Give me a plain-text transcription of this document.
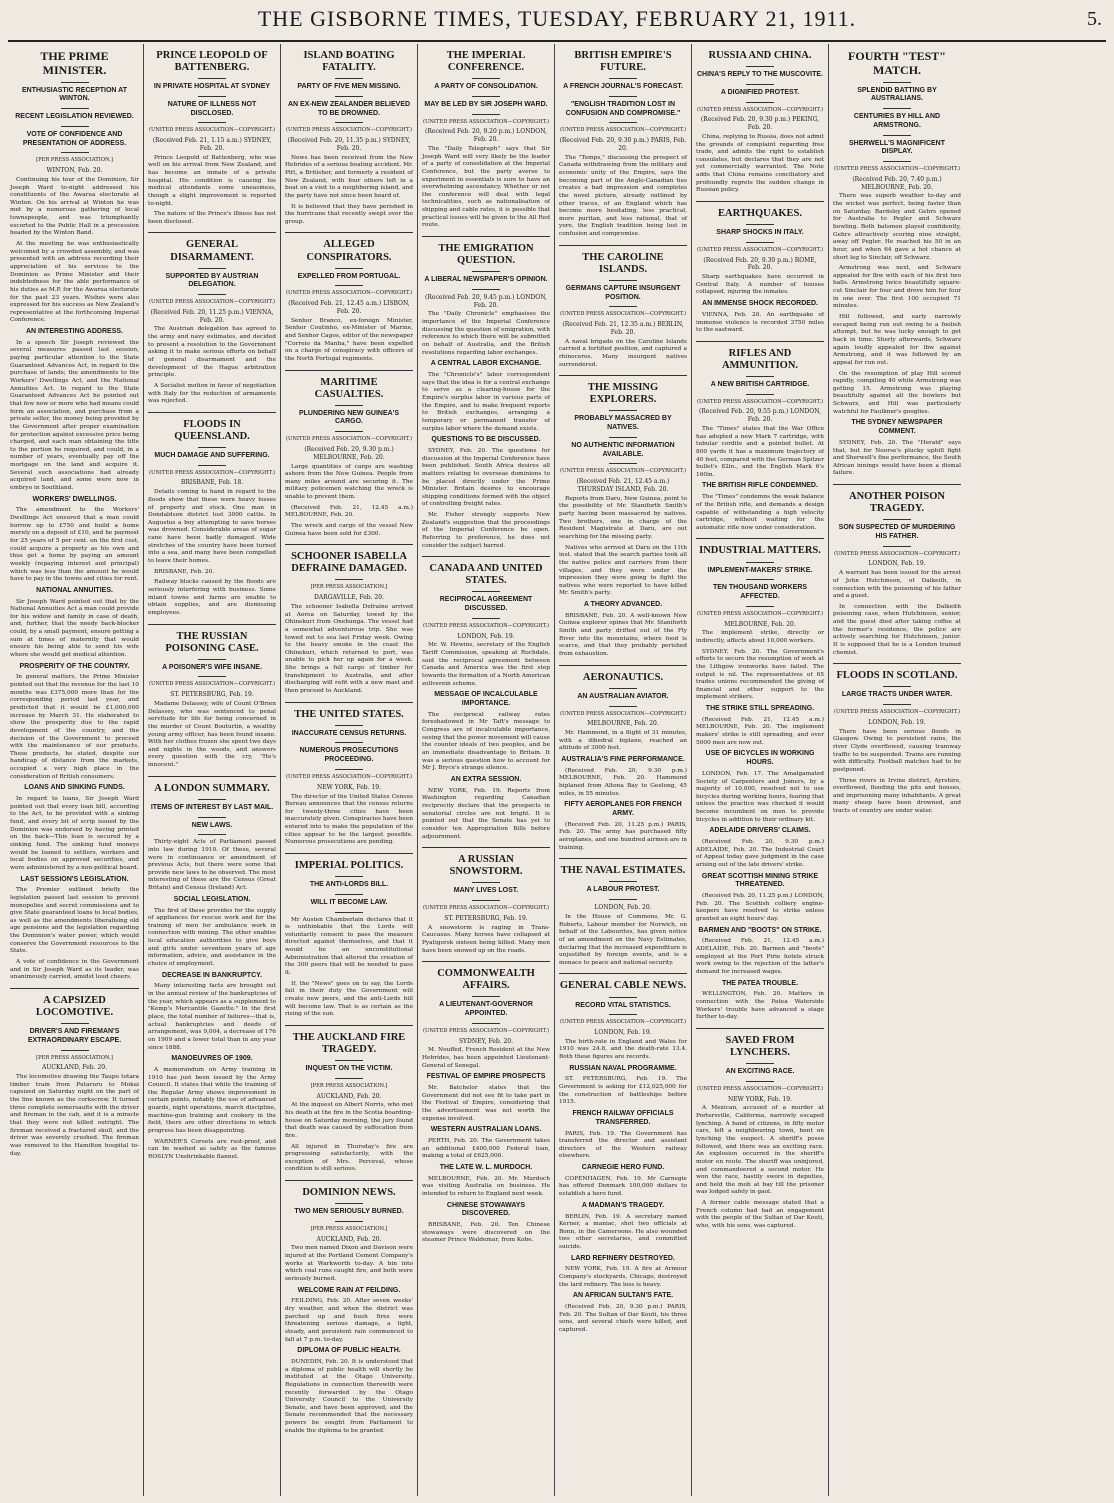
THE GISBORNE TIMES, TUESDAY, FEBRUARY 21, 1911.	5.
THE PRIME MINISTER.
ENTHUSIASTIC RECEPTION AT WINTON.
RECENT LEGISLATION REVIEWED.
VOTE OF CONFIDENCE AND PRESENTATION OF ADDRESS.
[PER PRESS ASSOCIATION.]
WINTON, Feb. 20.

Continuing his tour of the Dominion, Sir Joseph Ward to-night addressed his constituents of the Awarua electorate at Winton. On his arrival at Winton he was met by a numerous gathering of local townspeople, and was triumphantly escorted to the Public Hall in a procession headed by the Winton Band.

At the meeting he was enthusiastically welcomed by a crowded assembly, and was presented with an address recording their appreciation of his services to the Dominion as Prime Minister and their indebtedness for the able performance of his duties as M.P. for the Awarua electorate for the past 23 years. Wishes were also expressed for his success as New Zealand's representative at the forthcoming Imperial Conference.

AN INTERESTING ADDRESS.

In a speech Sir Joseph reviewed the several measures passed last session, paying particular attention to the State Guaranteed Advances Act, in regard to the purchase of lands; the amendments to the Workers' Dwellings Act, and the National Annuities Act. In regard to the State Guaranteed Advances Act he pointed out that few now or more who had means could form an association, and purchase from a private seller, the money being provided by the Government after proper examination for protection against excessive price being charged, and each man obtaining the title to the portion he required, and could, in a number of years, eventually pay off the mortgage on the land and acquire it. Several such associations had already acquired land, and some were now in embryo in Southland.

WORKERS' DWELLINGS.

The amendment to the Workers' Dwellings Act ensured that a man could borrow up to £750 and build a home merely on a deposit of £10, and he paymost for 25 years of 5 per cent. on the first cost, could acquire a property as his own and thus get a home by paying an amount weekly (repaying interest and principal) which was less than the amount he would have to pay in the towns and cities for rent.

NATIONAL ANNUITIES.

Sir Joseph Ward pointed out that by the National Annuities Act a man could provide for his widow and family in case of death, and, further, that the needy back-blocker could, by a small payment, ensure getting a sum at times of maternity that would ensure his being able to send his wife where she would get medical attention.

PROSPERITY OF THE COUNTRY.

In general matters, the Prime Minister pointed out that the revenue for the last 10 months was £375,000 more than for the corresponding period last year, and predicted that it would be £1,000,000 increase by March 31. He elaborated to show the prosperity due to the rapid development of the country, and the decision of the Government to proceed with the maintenance of our products. These products, he stated, despite our handicap of distance from the markets, occupied a very high place in the consideration of British consumers.

LOANS AND SINKING FUNDS.

In regard to loans, Sir Joseph Ward pointed out that every loan bill, according to the Act, to be provided with a sinking fund, and every bit of scrip issued by the Dominion was endorsed by having printed on the back—This loan is secured by a sinking fund. The sinking fund moneys would be loaned to settlers, workers and local bodies on approved securities, and were administered by a non-political board.

LAST SESSION'S LEGISLATION.

The Premier outlined briefly the legislation passed last session to prevent monopolies and secret commissions and to give State guaranteed loans to local bodies, as well as the amendments liberalising old age pensions and the legislation regarding the Dominion's water power, which would conserve the Government resources to the State.

A vote of confidence in the Government and in Sir Joseph Ward as its leader, was unanimously carried, amidst loud cheers.

A CAPSIZED LOCOMOTIVE.
DRIVER'S AND FIREMAN'S EXTRAORDINARY ESCAPE.
[PER PRESS ASSOCIATION.]
AUCKLAND, Feb. 20.

The locomotive drawing the Taupo totara timber train from Putaruru to Mokai capsized on Saturday night on the part of the line known as the corkscrew. It turned three complete somersaults with the driver and fireman in the cab, and it is a miracle that they were not killed outright. The fireman received a fractured skull, and the driver was severely crushed. The fireman was removed to the Hamilton hospital to-day.

PRINCE LEOPOLD OF BATTENBERG.
IN PRIVATE HOSPITAL AT SYDNEY
NATURE OF ILLNESS NOT DISCLOSED.
(UNITED PRESS ASSOCIATION—COPYRIGHT.)
(Received Feb. 21, 1.15 a.m.) SYDNEY, Feb. 20.

Prince Leopold of Battenberg, who was well on his arrival from New Zealand, and has become an inmate of a private hospital. His condition is causing his medical attendants some uneasiness, though a slight improvement is reported to-night.

The nature of the Prince's illness has not been disclosed.

GENERAL DISARMAMENT.
SUPPORTED BY AUSTRIAN DELEGATION.
(UNITED PRESS ASSOCIATION—COPYRIGHT.)
(Received Feb. 20, 11.25 p.m.) VIENNA, Feb. 20.

The Austrian delegation has agreed to the army and navy estimates, and decided to present a resolution to the Government asking it to make serious efforts on behalf of general disarmament and the development of the Hague arbitration principle.

A Socialist motion in favor of negotiation with Italy for the reduction of armaments was rejected.

FLOODS IN QUEENSLAND.
MUCH DAMAGE AND SUFFERING.
(UNITED PRESS ASSOCIATION—COPYRIGHT.)
BRISBANE, Feb. 18.

Details coming to hand in regard to the floods show that these were heavy losses of property and stock. One man in Dondaldson district lost 3000 cattle. In Augustus a boy attempting to save horses was drowned. Considerable areas of sugar cane have been badly damaged. Wide stretches of the country have been turned into a sea, and many have been compelled to leave their homes.

BRISBANE, Feb. 20.

Railway blocks caused by the floods are seriously interfering with business. Some inland towns and farms are unable to obtain supplies, and are dismissing employees.

THE RUSSIAN POISONING CASE.
A POISONER'S WIFE INSANE.
(UNITED PRESS ASSOCIATION—COPYRIGHT.)
ST. PETERSBURG, Feb. 19.

Madame Delassey, wife of Count O'Brien Delassey, who was sentenced to penal servitude for life for being concerned in the murder of Count Bouturlin, a wealthy young army officer, has been found insane. With her clothes frozen she spent two days and nights in the woods, and answers every question with the cry, "He's innocent."

A LONDON SUMMARY.
ITEMS OF INTEREST BY LAST MAIL.
NEW LAWS.

Thirty-eight Acts of Parliament passed into law during 1910. Of these, several were in continuance or amendment of previous Acts, but there were some that provide new laws to be observed. The most interesting of these are the Census (Great Britain) and Census (Ireland) Act.

SOCIAL LEGISLATION.

The first of these provides for the supply of appliances for rescue work and for the training of men for ambulance work in connection with mining. The other enables local education authorities to give boys and girls under seventeen years of age information, advice, and assistance in the choice of employment.

DECREASE IN BANKRUPTCY.

Many interesting facts are brought out in the annual review of the bankruptcies of the year, which appears as a supplement to "Kemp's Mercantile Gazette." In the first place, the total number of failures—that is, actual bankruptcies and deeds of arrangement, was 9,004, a decrease of 176 on 1909 and a lower total than in any year since 1888.

MANOEUVRES OF 1909.

A memorandum on Army training in 1910 has just been issued by the Army Council. It states that while the training of the Regular Army shows improvement in certain points, notably the use of advanced guards, night operations, march discipline, machine-gun training and cookery in the field, there are other directions in which progress has been disappointing.

WARNER'S Corsets are rust-proof, and can be washed as safely as the famous ROSLYN Unshrinkable flannel.

ISLAND BOATING FATALITY.
PARTY OF FIVE MEN MISSING.
AN EX-NEW ZEALANDER BELIEVED TO BE DROWNED.
(UNITED PRESS ASSOCIATION—COPYRIGHT.)
(Received Feb. 20, 11.35 p.m.) SYDNEY, Feb. 20.

News has been received from the New Hebrides of a serious boating accident. Mr. Pitt, a Britisher, and formerly a resident of New Zealand, with four others left in a boat on a visit to a neighboring island, and the party have not since been heard of.

It is believed that they have perished in the hurricane that recently swept over the group.

ALLEGED CONSPIRATORS.
EXPELLED FROM PORTUGAL.
(UNITED PRESS ASSOCIATION—COPYRIGHT.)
(Received Feb. 21, 12.45 a.m.) LISBON, Feb. 20.

Senhor Branco, ex-foreign Minister, Senhor Coutinho, ex-Minister of Marine, and Senhor Cagos, editor of the newspaper "Correio da Manha," have been expelled on a charge of conspiracy with officers of the North Portugal regiments.

MARITIME CASUALTIES.
PLUNDERING NEW GUINEA'S CARGO.
(UNITED PRESS ASSOCIATION—COPYRIGHT.)
(Received Feb. 20, 9.30 p.m.) MELBOURNE, Feb. 20.

Large quantities of cargo are washing ashore from the New Guinea. People from many miles around are securing it. The military policemen watching the wreck is unable to prevent them.

(Received Feb. 21, 12.45 a.m.) MELBOURNE, Feb. 20.

The wreck and cargo of the vessel New Guinea have been sold for £300.

SCHOONER ISABELLA DEFRAINE DAMAGED.
[PER PRESS ASSOCIATION.]
DARGAVILLE, Feb. 20.

The schooner Isabella Defraine arrived at Aoroa on Saturday, towed by the Ohinekuri from Onehunga. The vessel had a somewhat adventurous trip. She was towed out to sea last Friday week. Owing to the heavy smoke in the coast the Ohinekuri, which returned to port, was unable to pick her up again for a week. She brings a full cargo of timber for transhipment to Australia, and after discharging will refit with a new mast and then proceed to Auckland.

THE UNITED STATES.
INACCURATE CENSUS RETURNS.
NUMEROUS PROSECUTIONS PROCEEDING.
(UNITED PRESS ASSOCIATION—COPYRIGHT.)
NEW YORK, Feb. 19.

The director of the United States Census Bureau announces that the census returns for twenty-three cities have been inaccurately given. Conspiracies have been entered into to make the population of the cities appear to be the largest possible. Numerous prosecutions are pending.

IMPERIAL POLITICS.
THE ANTI-LORDS BILL.
WILL IT BECOME LAW.

Mr Austen Chamberlain declares that it is unthinkable that the Lords will voluntarily consent to pass the measure directed against themselves, and that it would be an unconstitutional Administration that altered the creation of the 300 peers that will be needed to pass it.

If, the "News" goes on to say, the Lords fail in their duty the Government will create new peers, and the anti-Lords bill will become law. That is as certain as the rising of the sun.

THE AUCKLAND FIRE TRAGEDY.
INQUEST ON THE VICTIM.
[PER PRESS ASSOCIATION.]
AUCKLAND, Feb. 20.

At the inquest on Albert Norris, who met his death at the fire in the Scotia boarding-house on Saturday morning, the jury found that death was caused by suffocation from fire.

All injured in Thursday's fire are progressing satisfactorily, with the exception of Mrs. Perceval, whose condition is still serious.

DOMINION NEWS.
TWO MEN SERIOUSLY BURNED.
[PER PRESS ASSOCIATION.]
AUCKLAND, Feb. 20.

Two men named Dixon and Davison were injured at the Portland Cement Company's works at Warkworth to-day. A bin into which coal runs caught fire, and both were seriously burned.

WELCOME RAIN AT FEILDING.

FEILDING, Feb. 20. After seven weeks' dry weather, and when the district was parched up and bush fires were threatening serious damage, a light, steady, and persistent rain commenced to fall at 7 p.m. to-day.

DIPLOMA OF PUBLIC HEALTH.

DUNEDIN, Feb. 20. It is understood that a diploma of public health will shortly be instituted at the Otago University. Regulations in connection therewith were recently forwarded by the Otago University Council to the University Senate, and have been approved, and the Senate recommended that the necessary powers be sought from Parliament to enable the diploma to be granted.

THE IMPERIAL CONFERENCE.
A PARTY OF CONSOLIDATION.
MAY BE LED BY SIR JOSEPH WARD.
(UNITED PRESS ASSOCIATION—COPYRIGHT.)
(Received Feb. 20, 9.20 p.m.) LONDON, Feb. 20.

The "Daily Telegraph" says that Sir Joseph Ward will very likely be the leader of a party of consolidation at the Imperial Conference, but the party averse to experiment in essentials is sure to have an overwhelming ascendancy. Whether or not the conference will deal with legal technicalities, such as nationalisation of shipping and cable rates, it is possible that practical issues will be given to the All Red route.

THE EMIGRATION QUESTION.
A LIBERAL NEWSPAPER'S OPINION.
(Received Feb. 20, 9.45 p.m.) LONDON, Feb. 20.

The "Daily Chronicle" emphasises the importance of the Imperial Conference discussing the question of emigration, with reference to which there will be submitted on behalf of Australia, and the British resolutions regarding labor exchanges.

A CENTRAL LABOR EXCHANGE.

The "Chronicle's" labor correspondent says that the idea is for a central exchange to serve as a clearing-house for the Empire's surplus labor in various parts of the Empire, and to make frequent reports to British exchanges, arranging a temporary or permanent transfer of surplus labor where the demand exists.

QUESTIONS TO BE DISCUSSED.

SYDNEY, Feb. 20. The questions for discussion at the Imperial Conference have been published. South Africa desires all matters relating to overseas dominions to be placed directly under the Prime Minister. Britain desires to encourage shipping conditions formed with the object of controlling freight rates.

Mr. Fisher strongly supports New Zealand's suggestion that the proceedings of the Imperial Conference be open. Referring to preference, he does not consider the subject barred.

CANADA AND UNITED STATES.
RECIPROCAL AGREEMENT DISCUSSED.
(UNITED PRESS ASSOCIATION—COPYRIGHT.)
LONDON, Feb. 19.

Mr. W. Hewins, secretary of the English Tariff Commission, speaking at Rochdale, said the reciprocal agreement between Canada and America was the first step towards the formation of a North American zollverein scheme.

MESSAGE OF INCALCULABLE IMPORTANCE.

The reciprocal railway rates foreshadowed in Mr Taft's message to Congress are of incalculable importance, seeing that the power movement will cause the counter ideals of two peoples, and be an immediate disadvantage to Britain. It was a serious question how to account for Mr J. Bryce's strange silence.

AN EXTRA SESSION.

NEW YORK, Feb. 19. Reports from Washington regarding Canadian reciprocity declare that the prospects in senatorial circles are not bright. It is pointed out that the Senate has yet to consider ten Appropriation Bills before adjournment.

A RUSSIAN SNOWSTORM.
MANY LIVES LOST.
(UNITED PRESS ASSOCIATION—COPYRIGHT.)
ST. PETERSBURG, Feb. 19.

A snowstorm is raging in Trans-Caucasus. Many horses have collapsed at Pyatigorsk sixteen being killed. Many men have been snowed up on the roads.

COMMONWEALTH AFFAIRS.
A LIEUTENANT-GOVERNOR APPOINTED.
(UNITED PRESS ASSOCIATION—COPYRIGHT.)
SYDNEY, Feb. 20.

M. Nouffed, French Resident at the New Hebrides, has been appointed Lieutenant-General of Senegal.

FESTIVAL OF EMPIRE PROSPECTS

Mr. Batchelor states that the Government did not see fit to take part in the Festival of Empire, considering that the advertisement was not worth the expense involved.

WESTERN AUSTRALIAN LOANS.

PERTH, Feb. 20. The Government takes an additional £400,000 Federal loan, making a total of £625,000.

THE LATE W. L. MURDOCH.

MELBOURNE, Feb. 20. Mr. Murdoch was visiting Australia on business. He intended to return to England next week.

CHINESE STOWAWAYS DISCOVERED.

BRISBANE, Feb. 20. Ten Chinese stowaways were discovered on the steamer Prince Waldemar, from Kobe.

BRITISH EMPIRE'S FUTURE.
A FRENCH JOURNAL'S FORECAST.
"ENGLISH TRADITION LOST IN CONFUSION AND COMPROMISE."
(UNITED PRESS ASSOCIATION—COPYRIGHT.)
(Received Feb. 20, 9.30 p.m.) PARIS, Feb. 20.

The "Temps," discussing the prospect of Canada withdrawing from the military and economic unity of the Empire, says the becoming part of the Anglo-Canadian ties creates a bad impression and completes the novel picture, already outlined by other traces, of an England which has become more hesitating, less practical, more puritan, and less rational, that of yore, the English tradition being lost in confusion and compromise.

THE CAROLINE ISLANDS.
GERMANS CAPTURE INSURGENT POSITION.
(UNITED PRESS ASSOCIATION—COPYRIGHT.)
(Received Feb. 21, 12.35 a.m.) BERLIN, Feb. 20.

A naval brigade on the Caroline Islands carried a fortified position, and captured a rhinoceros. Many insurgent natives surrendered.

THE MISSING EXPLORERS.
PROBABLY MASSACRED BY NATIVES.
NO AUTHENTIC INFORMATION AVAILABLE.
(UNITED PRESS ASSOCIATION—COPYRIGHT.)
(Received Feb. 21, 12.45 a.m.) THURSDAY ISLAND, Feb. 20.

Reports from Daru, New Guinea, point to the possibility of Mr. Staniforth Smith's party having been massacred by natives. Two brothers, one in charge of the Resident Magistrate at Daru, are out searching for the missing party.

Natives who arrived at Daru on the 11th inst. stated that the search parties took all the native police and carriers from their villages, and they were under the impression they were going to fight the natives who were reported to have killed Mr. Smith's party.

A THEORY ADVANCED.

BRISBANE, Feb. 20. A well-known New Guinea explorer opines that Mr. Staniforth Smith and party drifted out of the Fly River into the mountains, where food is scarce, and that they probably perished from exhaustion.

AERONAUTICS.
AN AUSTRALIAN AVIATOR.
(UNITED PRESS ASSOCIATION—COPYRIGHT.)
MELBOURNE, Feb. 20.

Mr. Hammond, in a flight of 31 minutes, with a dihedral biplane, reached an altitude of 3000 feet.

AUSTRALIA'S FINE PERFORMANCE.

(Received Feb. 20, 9.30 p.m.) MELBOURNE, Feb. 20. Hammond biplaned from Altona Bay to Geelong, 45 miles, in 55 minutes.

FIFTY AEROPLANES FOR FRENCH ARMY.

(Received Feb. 20, 11.25 p.m.) PARIS, Feb. 20. The army has purchased fifty aeroplanes, and one hundred airmen are in training.

THE NAVAL ESTIMATES.
A LABOUR PROTEST.
LONDON, Feb. 20.

In the House of Commons, Mr. G. Roberts, Labour member for Norwich, on behalf of the Labourites, has given notice of an amendment on the Navy Estimates, declaring that the increased expenditure is unjustified by foreign events, and is a menace to peace and national security.

GENERAL CABLE NEWS.
RECORD VITAL STATISTICS.
(UNITED PRESS ASSOCIATION—COPYRIGHT.)
LONDON, Feb. 19.

The birth-rate in England and Wales for 1910 was 24.8, and the death-rate 13.4. Both these figures are records.

RUSSIAN NAVAL PROGRAMME.

ST. PETERSBURG, Feb. 19. The Government is asking for £12,025,000 for the construction of battleships before 1915.

FRENCH RAILWAY OFFICIALS TRANSFERRED.

PARIS, Feb. 19. The Government has transferred the director and assistant directors of the Western railway elsewhere.

CARNEGIE HERO FUND.

COPENHAGEN, Feb. 19. Mr Carnegie has offered Denmark 100,000 dollars to establish a hero fund.

A MADMAN'S TRAGEDY.

BERLIN, Feb. 19. A secretary named Kerner, a maniac, shot two officials at Bonn, in the Cameroons. He also wounded two other secretaries, and committed suicide.

LARD REFINERY DESTROYED.

NEW YORK, Feb. 19. A fire at Armour Company's stockyards, Chicago, destroyed the lard refinery. The loss is heavy.

AN AFRICAN SULTAN'S FATE.

(Received Feb. 20, 9.30 p.m.) PARIS, Feb. 20. The Sultan of Dar Kouti, his three sons, and several chiefs were killed, and captured.

RUSSIA AND CHINA.
CHINA'S REPLY TO THE MUSCOVITE.
A DIGNIFIED PROTEST.
(UNITED PRESS ASSOCIATION—COPYRIGHT.)
(Received Feb. 20, 9.30 p.m.) PEKING, Feb. 20.

China, replying to Russia, does not admit the grounds of complaint regarding free trade, and admits the right to establish consulates, but declares that they are not yet commercially warranted. The Note adds that China remains conciliatory and profoundly regrets the sudden change in Russian policy.

EARTHQUAKES.
SHARP SHOCKS IN ITALY.
(UNITED PRESS ASSOCIATION—COPYRIGHT.)
(Received Feb. 20, 9.30 p.m.) ROME, Feb. 20.

Sharp earthquakes have occurred in Central Italy. A number of houses collapsed, injuring the inmates.

AN IMMENSE SHOCK RECORDED.

VIENNA, Feb. 20. An earthquake of immense violence is recorded 3750 miles to the eastward.

RIFLES AND AMMUNITION.
A NEW BRITISH CARTRIDGE.
(UNITED PRESS ASSOCIATION—COPYRIGHT.)
(Received Feb. 20, 9.55 p.m.) LONDON, Feb. 20.

The "Times" states that the War Office has adopted a new Mark 7 cartridge, with tubular cordite and a pointed bullet. At 800 yards it has a maximum trajectory of 40 feet, compared with the German Spitzer bullet's 82in., and the English Mark 6's 160in.

THE BRITISH RIFLE CONDEMNED.

The "Times" condemns the weak balance of the British rifle, and demands a design capable of withstanding a high velocity cartridge, without waiting for the automatic rifle now under consideration.

INDUSTRIAL MATTERS.
IMPLEMENT-MAKERS' STRIKE.
TEN THOUSAND WORKERS AFFECTED.
(UNITED PRESS ASSOCIATION—COPYRIGHT.)
MELBOURNE, Feb. 20.

The implement strike, directly or indirectly, affects about 10,000 workers.

SYDNEY, Feb. 20. The Government's efforts to secure the resumption of work at the Lithgow ironworks have failed. The output is nil. The representatives of 65 trades unions recommended the giving of financial and other support to the implement strikers.

THE STRIKE STILL SPREADING.

(Received Feb. 21, 12.45 a.m.) MELBOURNE, Feb. 20. The implement makers' strike is still spreading, and over 5000 men are now out.

USE OF BICYCLES IN WORKING HOURS.

LONDON, Feb. 17. The Amalgamated Society of Carpenters and Joiners, by a majority of 10,000, resolved not to use bicycles during working hours, fearing that unless the practice was checked it would become incumbent on men to provide bicycles in addition to their ordinary kit.

ADELAIDE DRIVERS' CLAIMS.

(Received Feb. 20, 9.30 p.m.) ADELAIDE, Feb. 20. The Industrial Court of Appeal today gave judgment in the case arising out of the late drivers' strike.

GREAT SCOTTISH MINING STRIKE THREATENED.

(Received Feb. 20, 11.25 p.m.) LONDON, Feb. 20. The Scottish colliery engine-keepers have resolved to strike unless granted an eight hours' day.

BARMEN AND "BOOTS" ON STRIKE.

(Received Feb. 21, 12.45 a.m.) ADELAIDE, Feb. 20. Barmen and "boots" employed at the Port Pirie hotels struck work owing to the rejection of the latter's demand for increased wages.

THE PATEA TROUBLE.

WELLINGTON, Feb. 20. Matters in connection with the Patea Waterside Workers' trouble have advanced a stage further to-day.

SAVED FROM LYNCHERS.
AN EXCITING RACE.
(UNITED PRESS ASSOCIATION—COPYRIGHT.)
NEW YORK, Feb. 19.

A Mexican, accused of a murder at Portersville, California, narrowly escaped lynching. A band of citizens, in fifty motor cars, left a neighbouring town, bent on lynching the suspect. A sheriff's posse followed, and there was an exciting race. An explosion occurred in the sheriff's motor en route. The sheriff was uninjured, and commandeered a second motor. He won the race, hastily swore in deputies, and held the mob at bay till the prisoner was lodged safely in gaol.

A former cable message stated that a French column had had an engagement with the people of the Sultan of Dar Kouti, who, with his sons, was captured.

FOURTH "TEST" MATCH.
SPLENDID BATTING BY AUSTRALIANS.
CENTURIES BY HILL AND ARMSTRONG.
SHERWELL'S MAGNIFICENT DISPLAY.
(UNITED PRESS ASSOCIATION—COPYRIGHT.)
(Received Feb. 20, 7.40 p.m.) MELBOURNE, Feb. 20.

There was superb weather to-day and the wicket was perfect, being faster than on Saturday. Bardsley and Gehrs opened for Australia to Pegler and Schwarz bowling. Both batsmen played confidently, Gehrs attractively scoring nine straight, away off Pegler. He reached his 50 in an hour, and when 64 gave a hot chance at short leg to Sinclair, off Schwarz.

Armstrong was next, and Schwarz appealed for lbw with each of his first two balls. Armstrong twice beautifully square-cut Sinclair for four and drove him for four in one over. The first 100 occupied 71 minutes.

Hill followed, and early narrowly escaped being run out owing to a foolish attempt, but he was lucky enough to get back in time. Sherly afterwards, Schwarz again loudly appealed for lbw against Armstrong, and it was followed by an appeal for run out.

On the resumption of play Hill scored rapidly, compiling 40 while Armstrong was getting 15. Armstrong was playing beautifully against all the bowlers but Schwarz, and Hill was particularly watchful for Faulkner's googlies.

THE SYDNEY NEWSPAPER COMMENT.

SYDNEY, Feb. 20. The "Herald" says that, but for Noorse's plucky uphill fight and Sherwell's fine performance, the South African innings would have been a dismal failure.

ANOTHER POISON TRAGEDY.
SON SUSPECTED OF MURDERING HIS FATHER.
(UNITED PRESS ASSOCIATION—COPYRIGHT.)
LONDON, Feb. 19.

A warrant has been issued for the arrest of John Hutchinson, of Dalkeith, in connection with the poisoning of his father and a guest.

In connection with the Dalkeith poisoning case, when Hutchinson, senior, and the guest died after taking coffee at the former's residence, the police are actively searching for Hutchinson, junior. It is supposed that he is a London trained chemist.

FLOODS IN SCOTLAND.
LARGE TRACTS UNDER WATER.
(UNITED PRESS ASSOCIATION—COPYRIGHT.)
LONDON, Feb. 19.

There have been serious floods in Glasgow. Owing to persistent rains, the river Clyde overflowed, causing tramway traffic to be suspended. Trains are running with difficulty. Football matches had to be postponed.

Three rivers in Irvine district, Ayrshire, overflowed, flooding the pits and houses, and imprisoning many inhabitants. A great many sheep have been drowned, and tracts of country are under water.
